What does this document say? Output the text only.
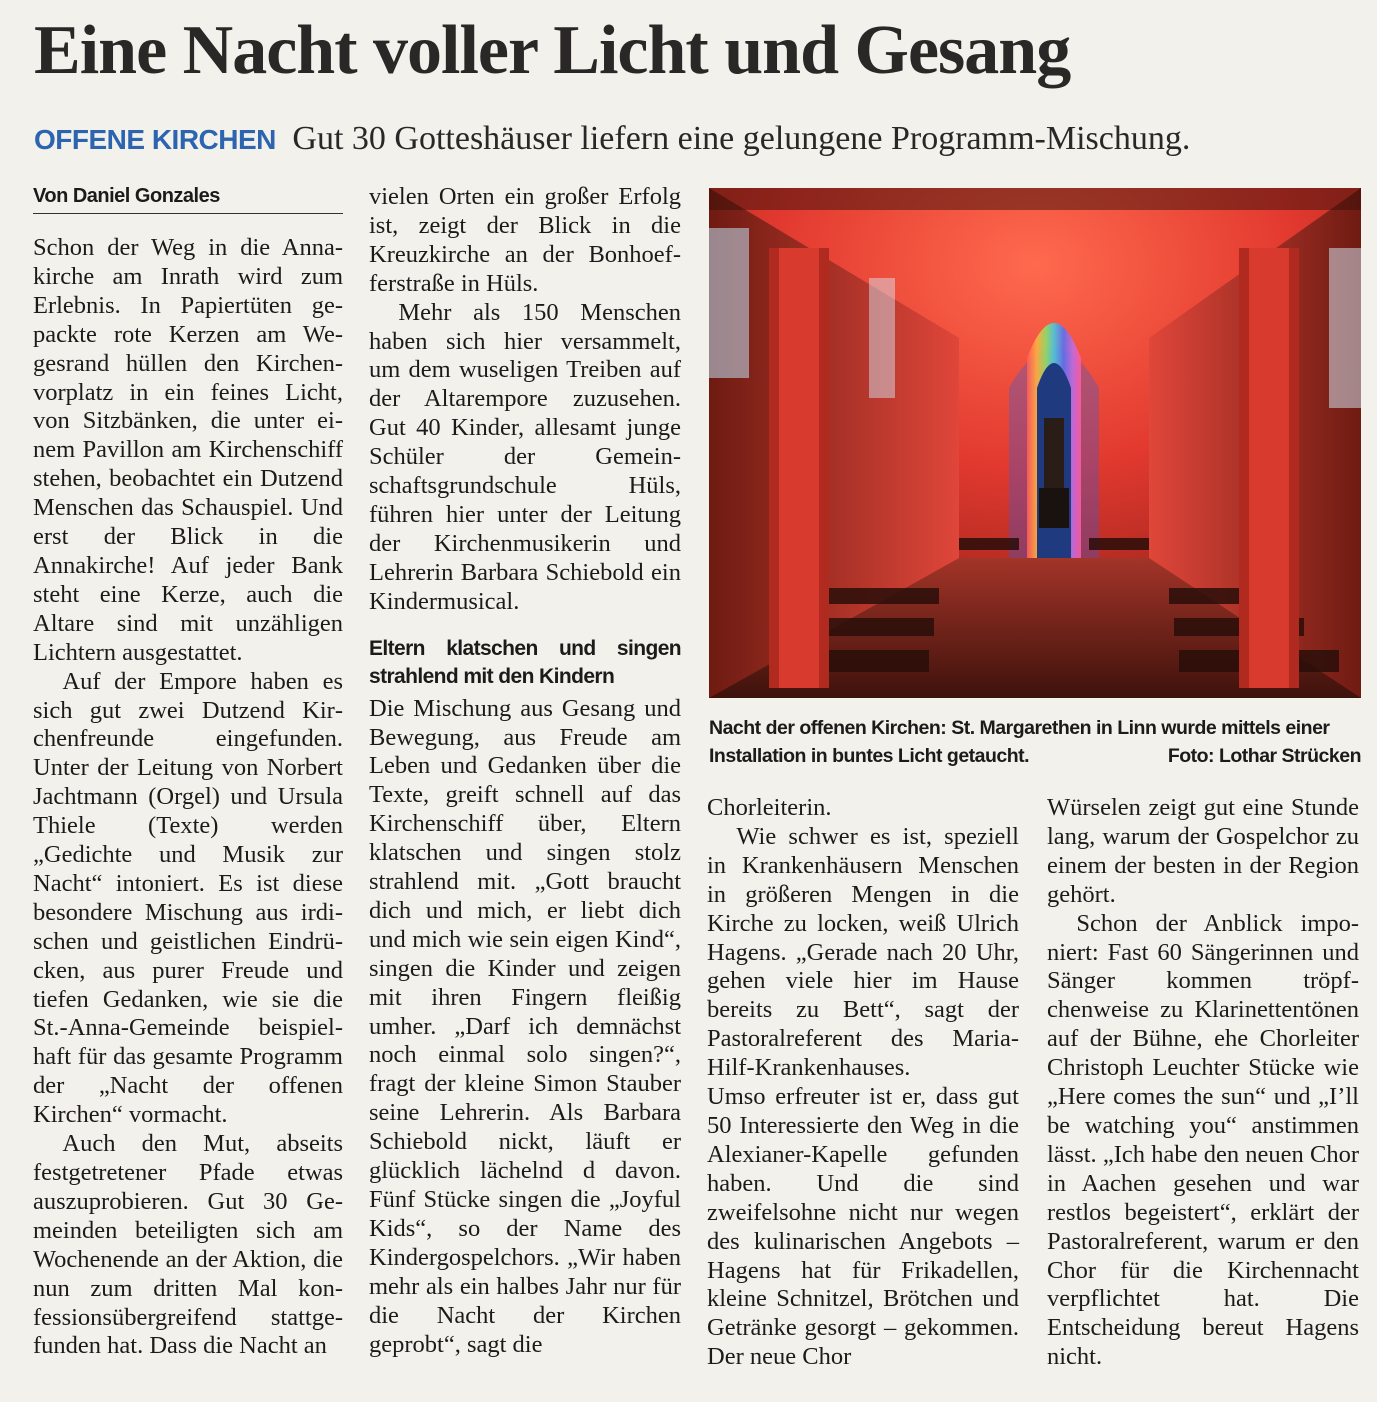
Eine Nacht voller Licht und Gesang
OFFENE KIRCHEN Gut 30 Gotteshäuser liefern eine gelungene Programm-Mischung.
Von Daniel Gonzales

Schon der Weg in die Annakirche am Inrath wird zum Erlebnis. In Papiertüten gepackte rote Kerzen am Wegesrand hüllen den Kirchenvorplatz in ein feines Licht, von Sitzbänken, die unter einem Pavillon am Kirchenschiff stehen, beobachtet ein Dutzend Menschen das Schauspiel. Und erst der Blick in die Annakirche! Auf jeder Bank steht eine Kerze, auch die Altare sind mit unzähligen Lichtern ausgestattet.

Auf der Empore haben es sich gut zwei Dutzend Kirchenfreunde eingefunden. Unter der Leitung von Norbert Jachtmann (Orgel) und Ursula Thiele (Texte) werden „Gedichte und Musik zur Nacht“ intoniert. Es ist diese besondere Mischung aus irdischen und geistlichen Eindrücken, aus purer Freude und tiefen Gedanken, wie sie die St.-Anna-Gemeinde beispielhaft für das gesamte Programm der „Nacht der offenen Kirchen“ vormacht.

Auch den Mut, abseits festgetretener Pfade etwas auszuprobieren. Gut 30 Gemeinden beteiligten sich am Wochenende an der Aktion, die nun zum dritten Mal konfessionsübergreifend stattgefunden hat. Dass die Nacht an

vielen Orten ein großer Erfolg ist, zeigt der Blick in die Kreuzkirche an der Bonhoefferstraße in Hüls.

Mehr als 150 Menschen haben sich hier versammelt, um dem wuseligen Treiben auf der Altarempore zuzusehen. Gut 40 Kinder, allesamt junge Schüler der Gemeinschaftsgrundschule Hüls, führen hier unter der Leitung der Kirchenmusikerin und Lehrerin Barbara Schiebold ein Kindermusical.

Eltern klatschen und singen strahlend mit den Kindern

Die Mischung aus Gesang und Bewegung, aus Freude am Leben und Gedanken über die Texte, greift schnell auf das Kirchenschiff über, Eltern klatschen und singen stolz strahlend mit. „Gott braucht dich und mich, er liebt dich und mich wie sein eigen Kind“, singen die Kinder und zeigen mit ihren Fingern fleißig umher. „Darf ich demnächst noch einmal solo singen?“, fragt der kleine Simon Stauber seine Lehrerin. Als Barbara Schiebold nickt, läuft er glücklich lächelnd d davon. Fünf Stücke singen die „Joyful Kids“, so der Name des Kindergospelchors. „Wir haben mehr als ein halbes Jahr nur für die Nacht der Kirchen geprobt“, sagt die

Nacht der offenen Kirchen: St. Margarethen in Linn wurde mittels einer Installation in buntes Licht getaucht.	Foto: Lothar Strücken

Chorleiterin.

Wie schwer es ist, speziell in Krankenhäusern Menschen in größeren Mengen in die Kirche zu locken, weiß Ulrich Hagens. „Gerade nach 20 Uhr, gehen viele hier im Hause bereits zu Bett“, sagt der Pastoralreferent des Maria-Hilf-Krankenhauses.

Umso erfreuter ist er, dass gut 50 Interessierte den Weg in die Alexianer-Kapelle gefunden haben. Und die sind zweifelsohne nicht nur wegen des kulinarischen Angebots – Hagens hat für Frikadellen, kleine Schnitzel, Brötchen und Getränke gesorgt – gekommen. Der neue Chor

Würselen zeigt gut eine Stunde lang, warum der Gospelchor zu einem der besten in der Region gehört.

Schon der Anblick imponiert: Fast 60 Sängerinnen und Sänger kommen tröpfchenweise zu Klarinettentönen auf der Bühne, ehe Chorleiter Christoph Leuchter Stücke wie „Here comes the sun“ und „I’ll be watching you“ anstimmen lässt. „Ich habe den neuen Chor in Aachen gesehen und war restlos begeistert“, erklärt der Pastoralreferent, warum er den Chor für die Kirchennacht verpflichtet hat. Die Entscheidung bereut Hagens nicht.
